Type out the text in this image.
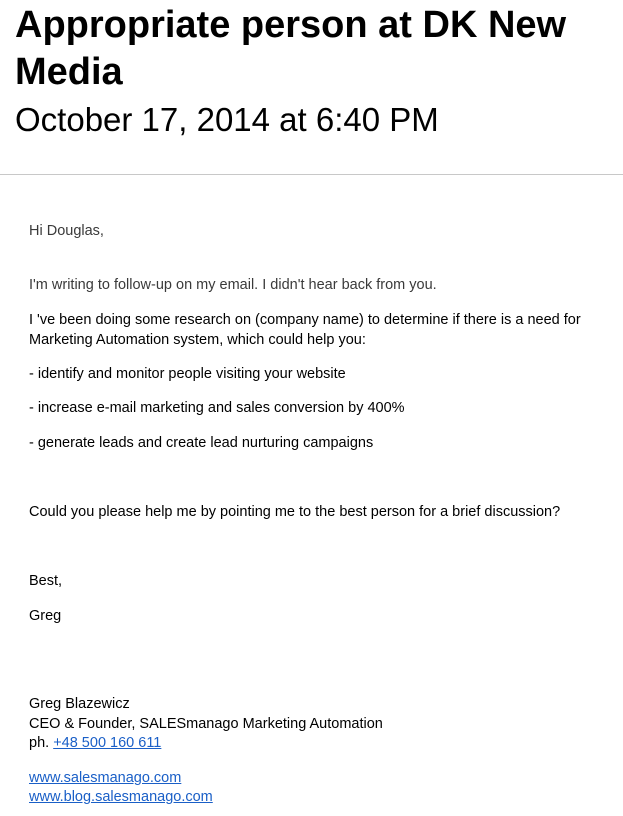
Appropriate person at DK New Media
October 17, 2014 at 6:40 PM
Hi Douglas,
I'm writing to follow-up on my email. I didn't hear back from you.
I 've been doing some research on (company name) to determine if there is a need for Marketing Automation system, which could help you:
- identify and monitor people visiting your website
- increase e-mail marketing and sales conversion by 400%
- generate leads and create lead nurturing campaigns
Could you please help me by pointing me to the best person for a brief discussion?
Best,
Greg
Greg Blazewicz
CEO & Founder, SALESmanago Marketing Automation
ph. +48 500 160 611
www.salesmanago.com
www.blog.salesmanago.com
